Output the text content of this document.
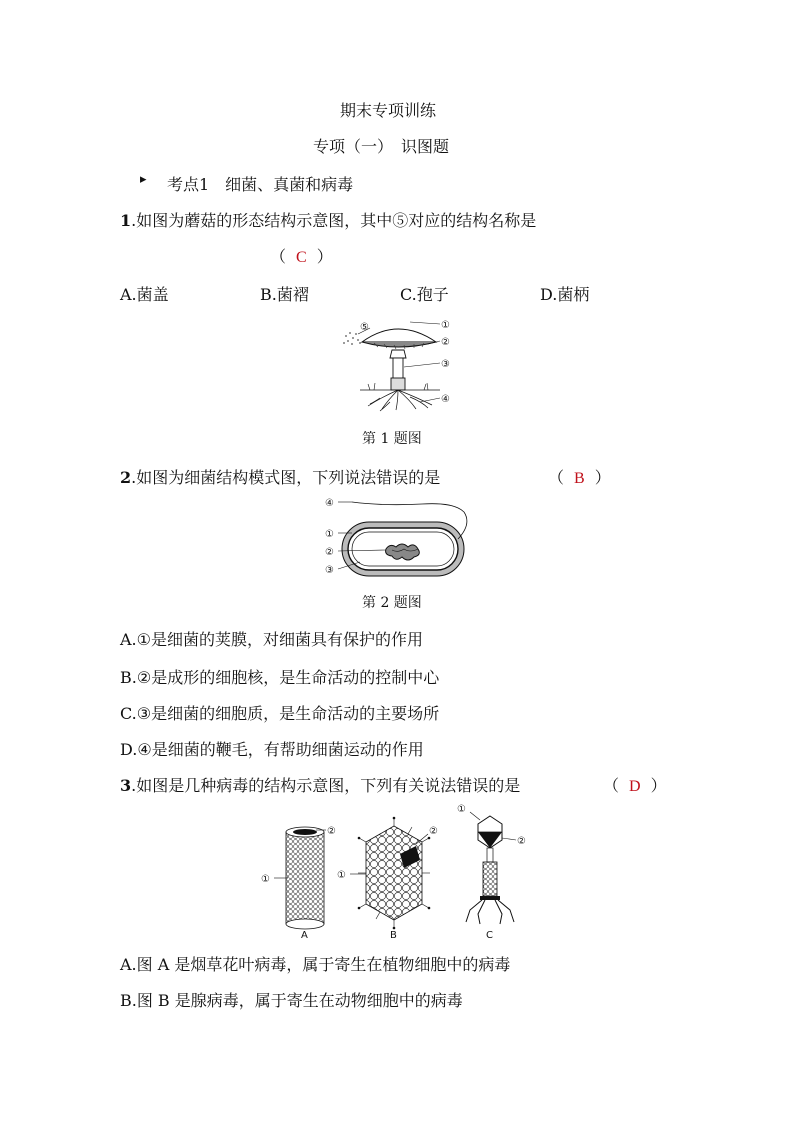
期末专项训练
专项（一）　识图题
▸ 考点1　细菌、真菌和病毒
1.如图为蘑菇的形态结构示意图，其中⑤对应的结构名称是
（ C ）
A.菌盖	B.菌褶	C.孢子	D.菌柄
⑤	①
②
③
④
第 1 题图
2.如图为细菌结构模式图，下列说法错误的是	（ B ）
④
①
②
③
第 2 题图
A.①是细菌的荚膜，对细菌具有保护的作用
B.②是成形的细胞核，是生命活动的控制中心
C.③是细菌的细胞质，是生命活动的主要场所
D.④是细菌的鞭毛，有帮助细菌运动的作用
3.如图是几种病毒的结构示意图，下列有关说法错误的是	（ D ）
②
①
A
②
①
B
①
②
C
A.图 A 是烟草花叶病毒，属于寄生在植物细胞中的病毒
B.图 B 是腺病毒，属于寄生在动物细胞中的病毒
